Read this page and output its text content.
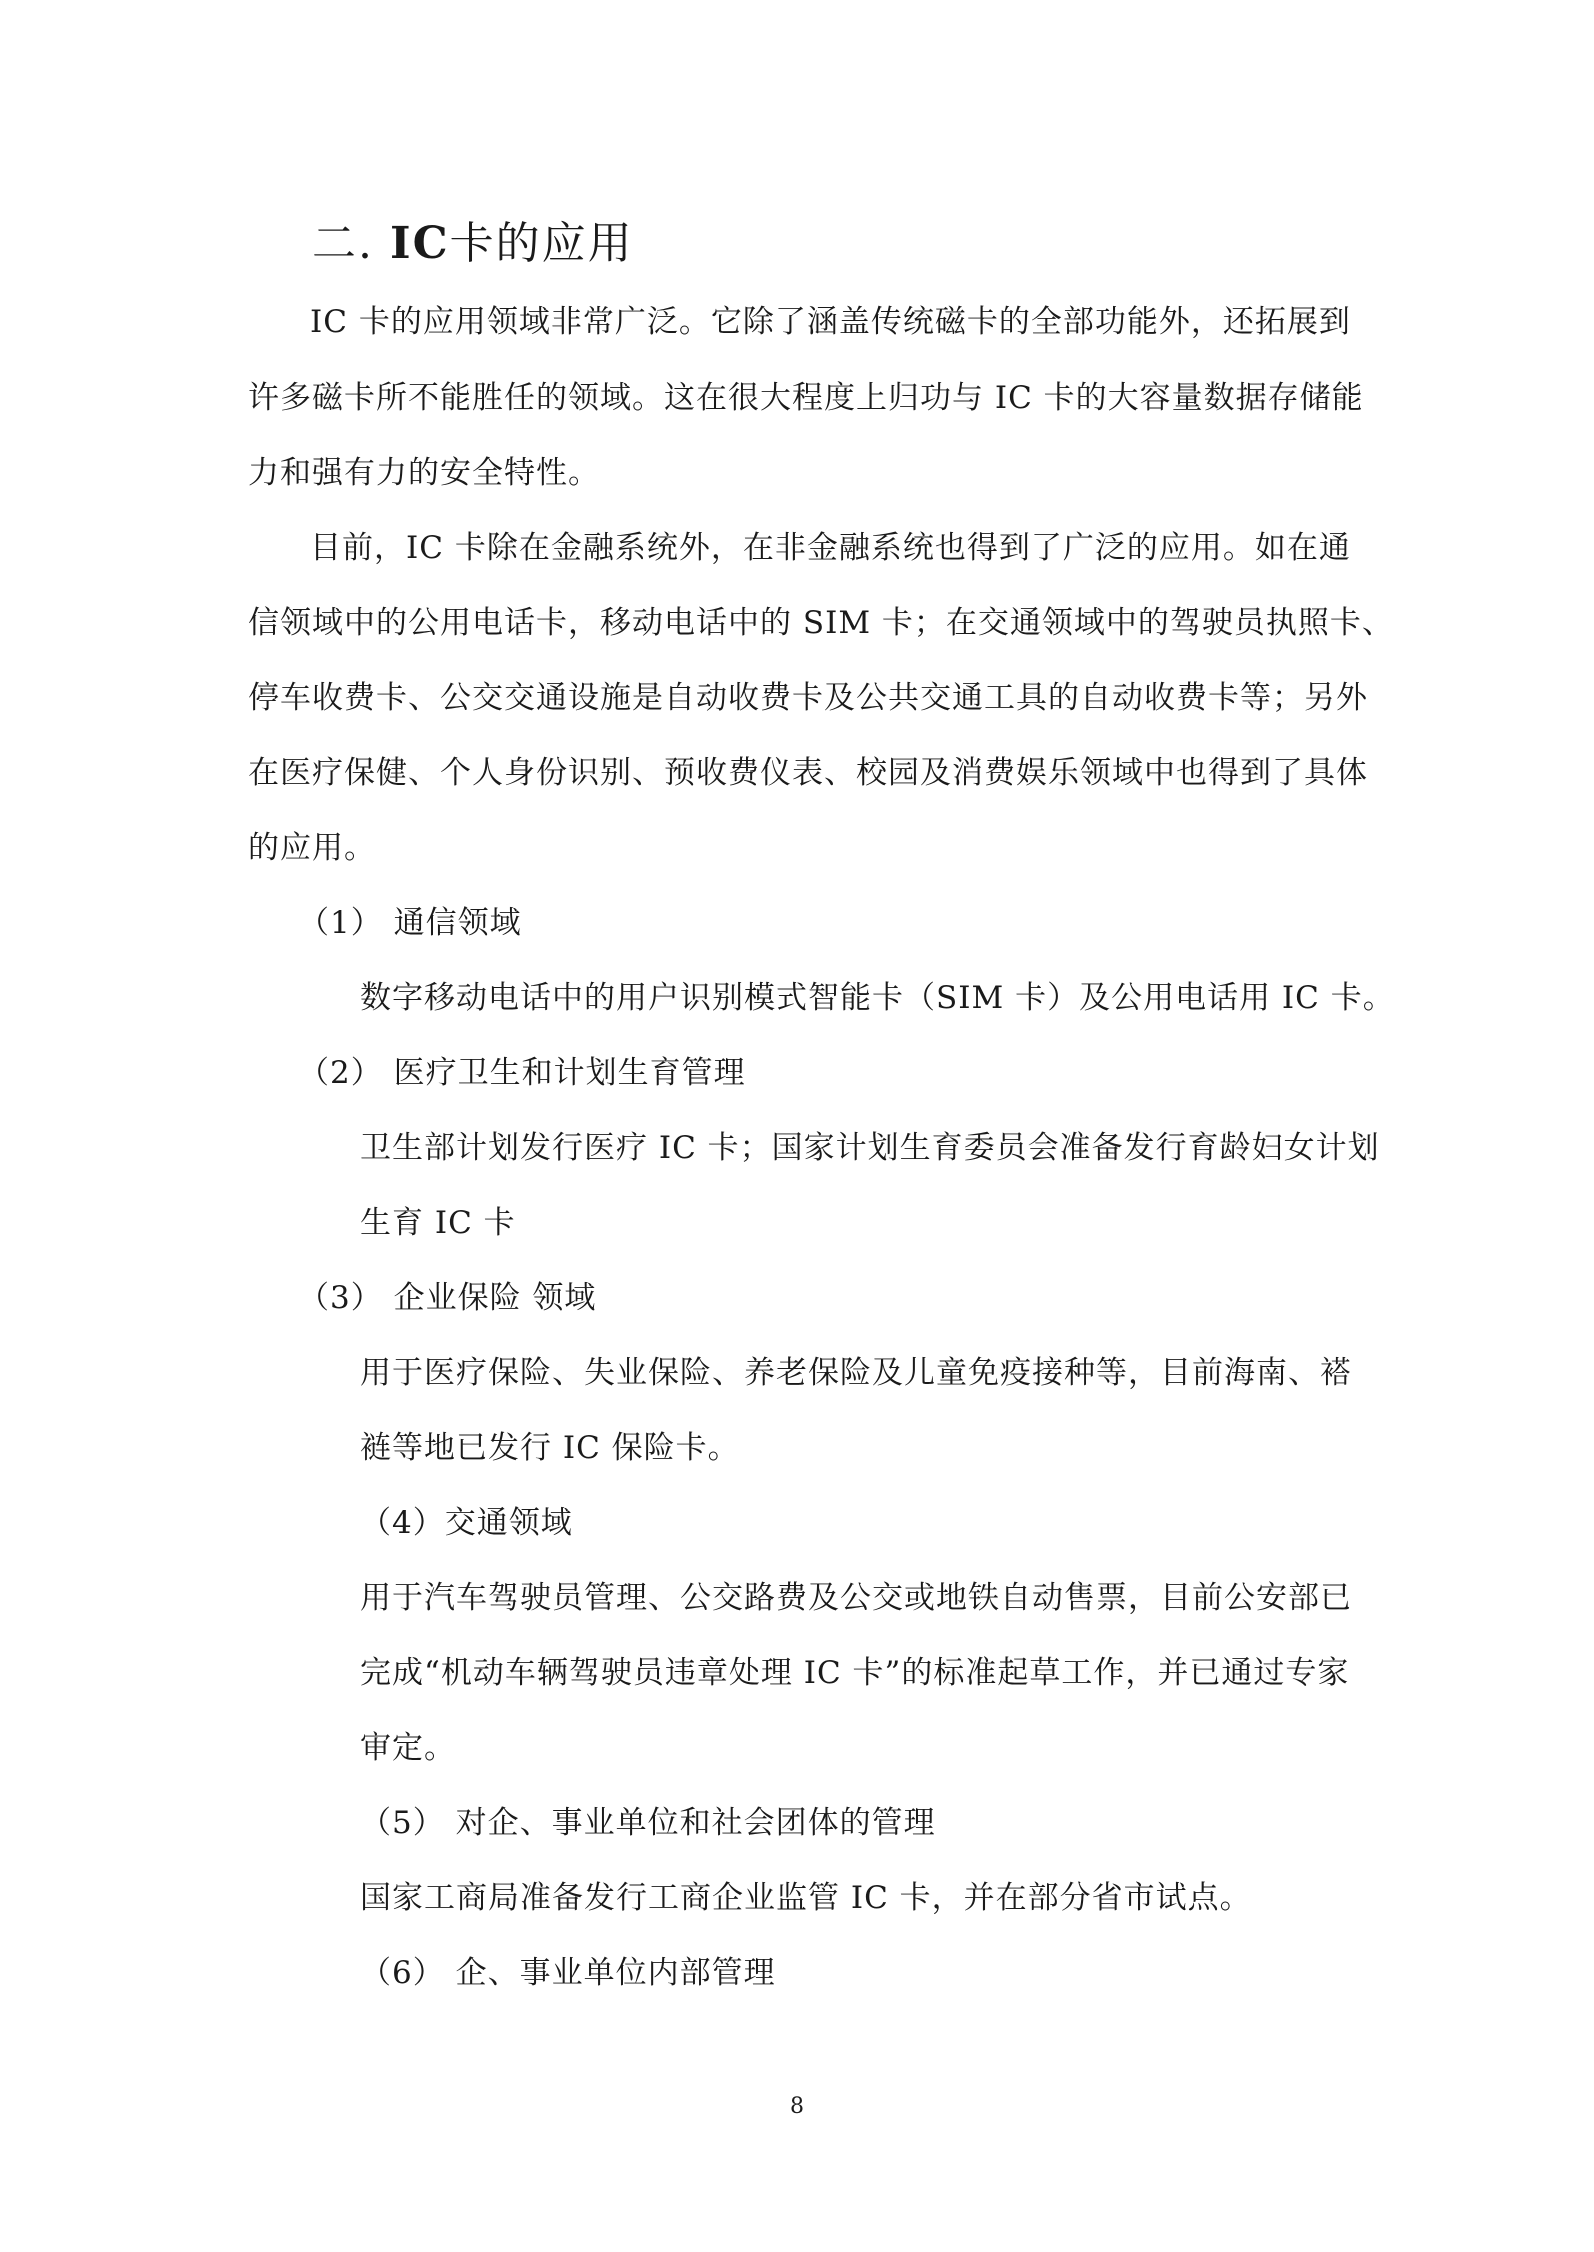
二. IC卡的应用
IC 卡的应用领域非常广泛。它除了涵盖传统磁卡的全部功能外，还拓展到
许多磁卡所不能胜任的领域。这在很大程度上归功与 IC 卡的大容量数据存储能
力和强有力的安全特性。
目前，IC 卡除在金融系统外，在非金融系统也得到了广泛的应用。如在通
信领域中的公用电话卡，移动电话中的 SIM 卡；在交通领域中的驾驶员执照卡、
停车收费卡、公交交通设施是自动收费卡及公共交通工具的自动收费卡等；另外
在医疗保健、个人身份识别、预收费仪表、校园及消费娱乐领域中也得到了具体
的应用。
（1） 通信领域
数字移动电话中的用户识别模式智能卡（SIM 卡）及公用电话用 IC 卡。
（2） 医疗卫生和计划生育管理
卫生部计划发行医疗 IC 卡；国家计划生育委员会准备发行育龄妇女计划
生育 IC 卡
（3） 企业保险 领域
用于医疗保险、失业保险、养老保险及儿童免疫接种等，目前海南、褡
裢等地已发行 IC 保险卡。
（4）交通领域
用于汽车驾驶员管理、公交路费及公交或地铁自动售票，目前公安部已
完成“机动车辆驾驶员违章处理 IC 卡”的标准起草工作，并已通过专家
审定。
（5） 对企、事业单位和社会团体的管理
国家工商局准备发行工商企业监管 IC 卡，并在部分省市试点。
（6） 企、事业单位内部管理
8
